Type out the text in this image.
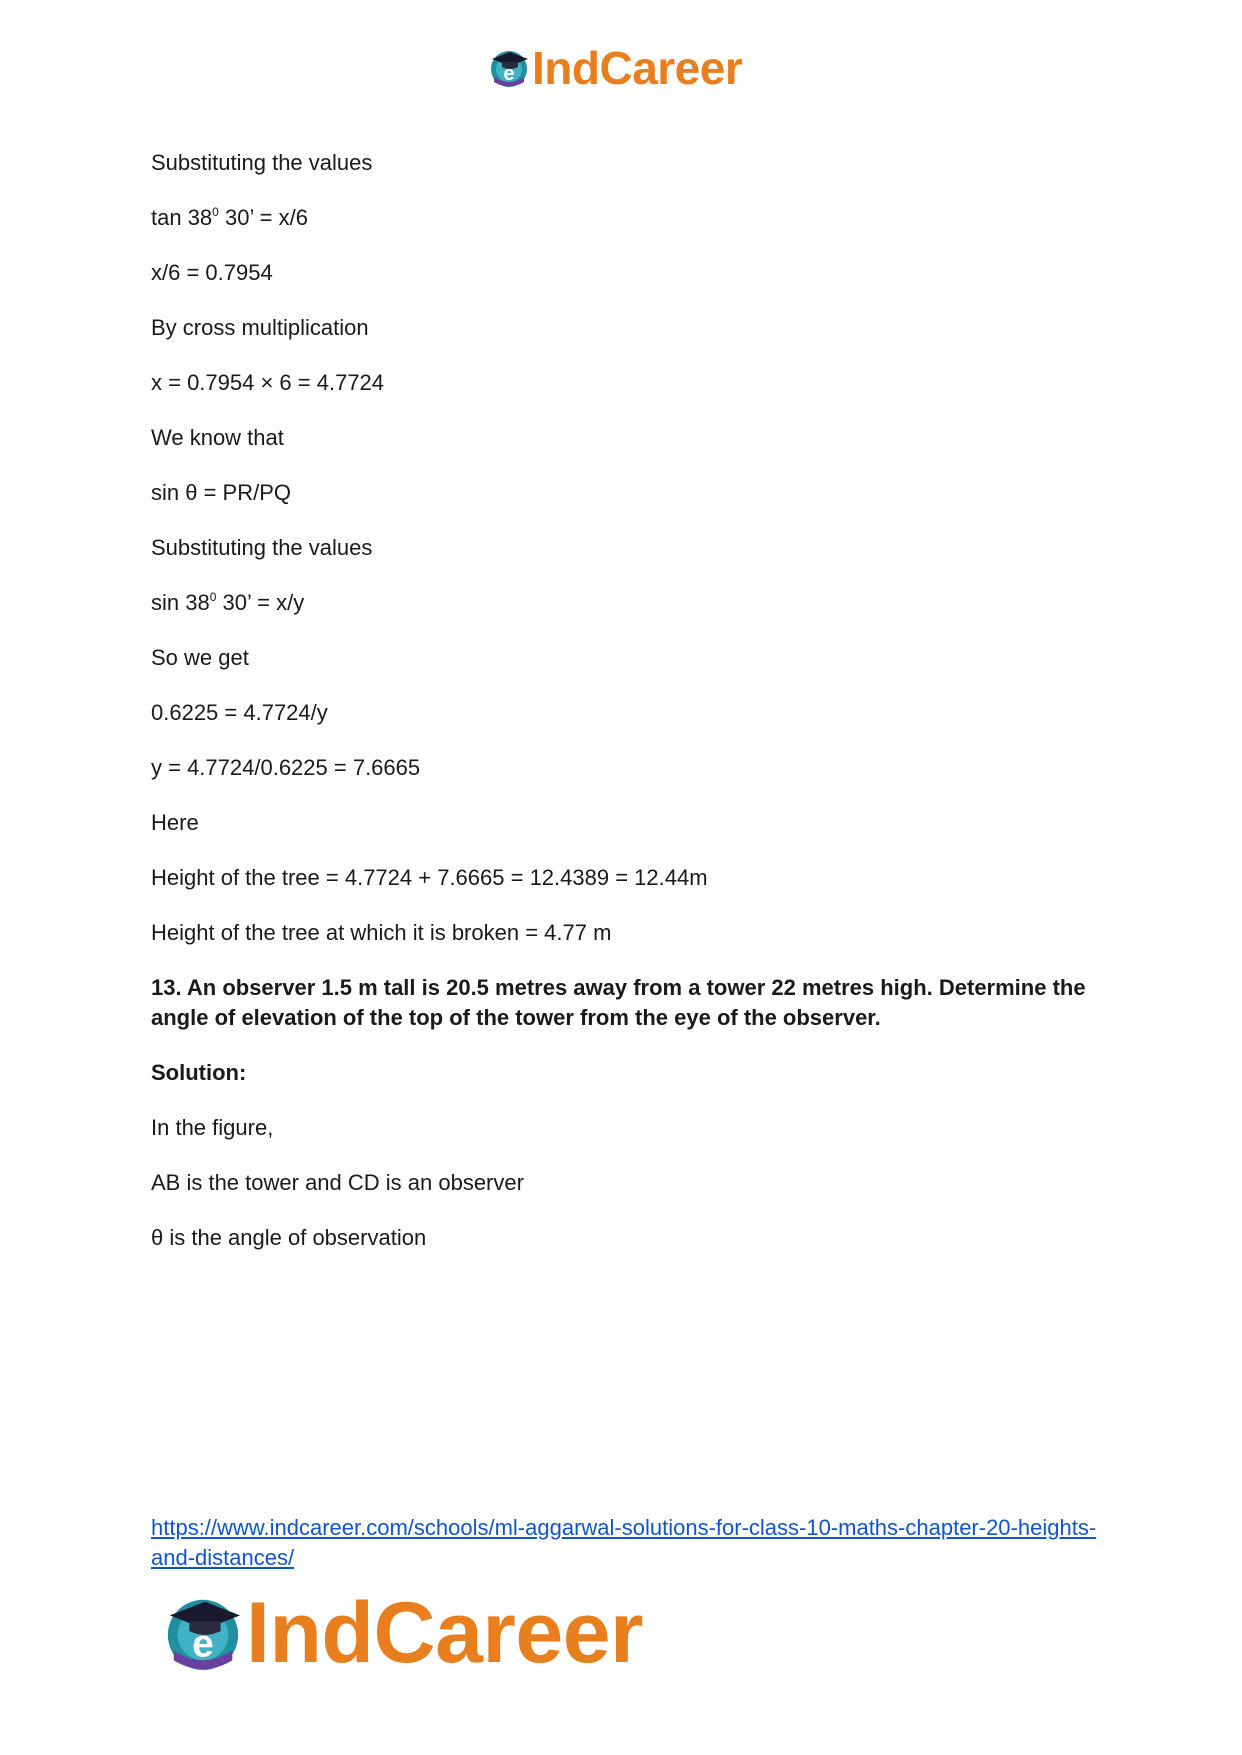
e IndCareer
Substituting the values
$\tan 38^0$ 30’ = x/6
x/6 = 0.7954
By cross multiplication
x = 0.7954 × 6 = 4.7724
We know that
sin θ = PR/PQ
Substituting the values
$\sin 38^0$ 30’ = x/y
So we get
0.6225 = 4.7724/y
y = 4.7724/0.6225 = 7.6665
Here
Height of the tree = 4.7724 + 7.6665 = 12.4389 = 12.44m
Height of the tree at which it is broken = 4.77 m
13. An observer 1.5 m tall is 20.5 metres away from a tower 22 metres high. Determine the angle of elevation of the top of the tower from the eye of the observer.
Solution:
In the figure,
AB is the tower and CD is an observer
θ is the angle of observation
https://www.indcareer.com/schools/ml-aggarwal-solutions-for-class-10-maths-chapter-20-heights-and-distances/
e IndCareer
